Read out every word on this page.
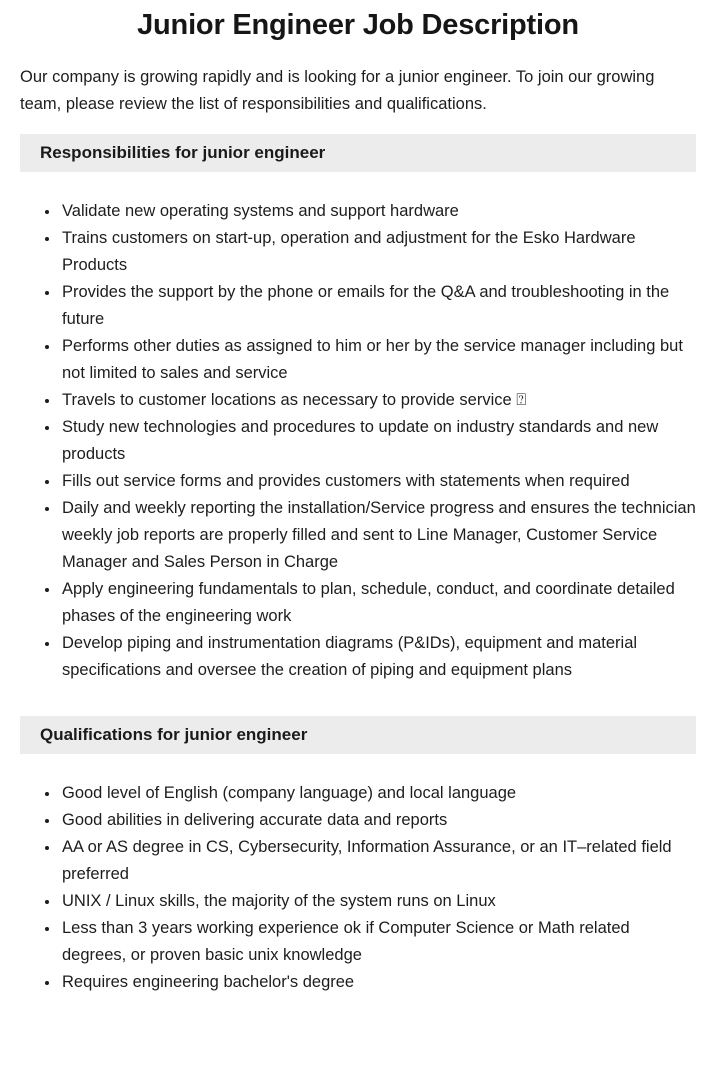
Junior Engineer Job Description

Our company is growing rapidly and is looking for a junior engineer. To join our growing team, please review the list of responsibilities and qualifications.

Responsibilities for junior engineer
• Validate new operating systems and support hardware
• Trains customers on start-up, operation and adjustment for the Esko Hardware Products
• Provides the support by the phone or emails for the Q&A and troubleshooting in the future
• Performs other duties as assigned to him or her by the service manager including but not limited to sales and service
• Travels to customer locations as necessary to provide service ⍰
• Study new technologies and procedures to update on industry standards and new products
• Fills out service forms and provides customers with statements when required
• Daily and weekly reporting the installation/Service progress and ensures the technician weekly job reports are properly filled and sent to Line Manager, Customer Service Manager and Sales Person in Charge
• Apply engineering fundamentals to plan, schedule, conduct, and coordinate detailed phases of the engineering work
• Develop piping and instrumentation diagrams (P&IDs), equipment and material specifications and oversee the creation of piping and equipment plans
Qualifications for junior engineer
• Good level of English (company language) and local language
• Good abilities in delivering accurate data and reports
• AA or AS degree in CS, Cybersecurity, Information Assurance, or an IT–related field preferred
• UNIX / Linux skills, the majority of the system runs on Linux
• Less than 3 years working experience ok if Computer Science or Math related degrees, or proven basic unix knowledge
• Requires engineering bachelor's degree
